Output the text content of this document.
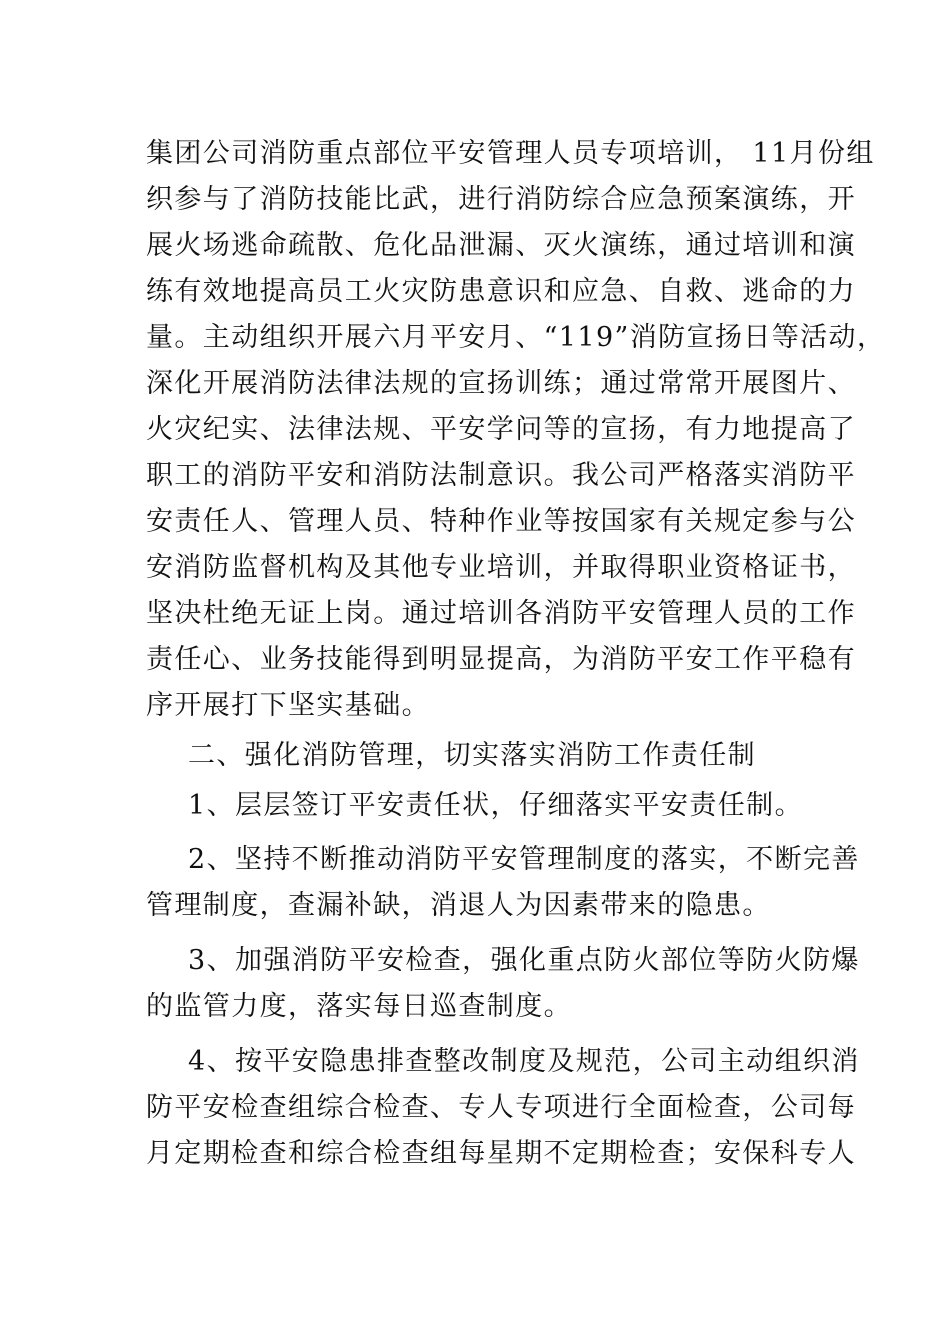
集团公司消防重点部位平安管理人员专项培训， 11月份组
织参与了消防技能比武，进行消防综合应急预案演练，开
展火场逃命疏散、危化品泄漏、灭火演练，通过培训和演
练有效地提高员工火灾防患意识和应急、自救、逃命的力
量。主动组织开展六月平安月、“119”消防宣扬日等活动，
深化开展消防法律法规的宣扬训练；通过常常开展图片、
火灾纪实、法律法规、平安学问等的宣扬，有力地提高了
职工的消防平安和消防法制意识。我公司严格落实消防平
安责任人、管理人员、特种作业等按国家有关规定参与公
安消防监督机构及其他专业培训，并取得职业资格证书，
坚决杜绝无证上岗。通过培训各消防平安管理人员的工作
责任心、业务技能得到明显提高，为消防平安工作平稳有
序开展打下坚实基础。
二、强化消防管理，切实落实消防工作责任制
1、层层签订平安责任状，仔细落实平安责任制。
2、坚持不断推动消防平安管理制度的落实，不断完善
管理制度，查漏补缺，消退人为因素带来的隐患。
3、加强消防平安检查，强化重点防火部位等防火防爆
的监管力度，落实每日巡查制度。
4、按平安隐患排查整改制度及规范，公司主动组织消
防平安检查组综合检查、专人专项进行全面检查，公司每
月定期检查和综合检查组每星期不定期检查；安保科专人
